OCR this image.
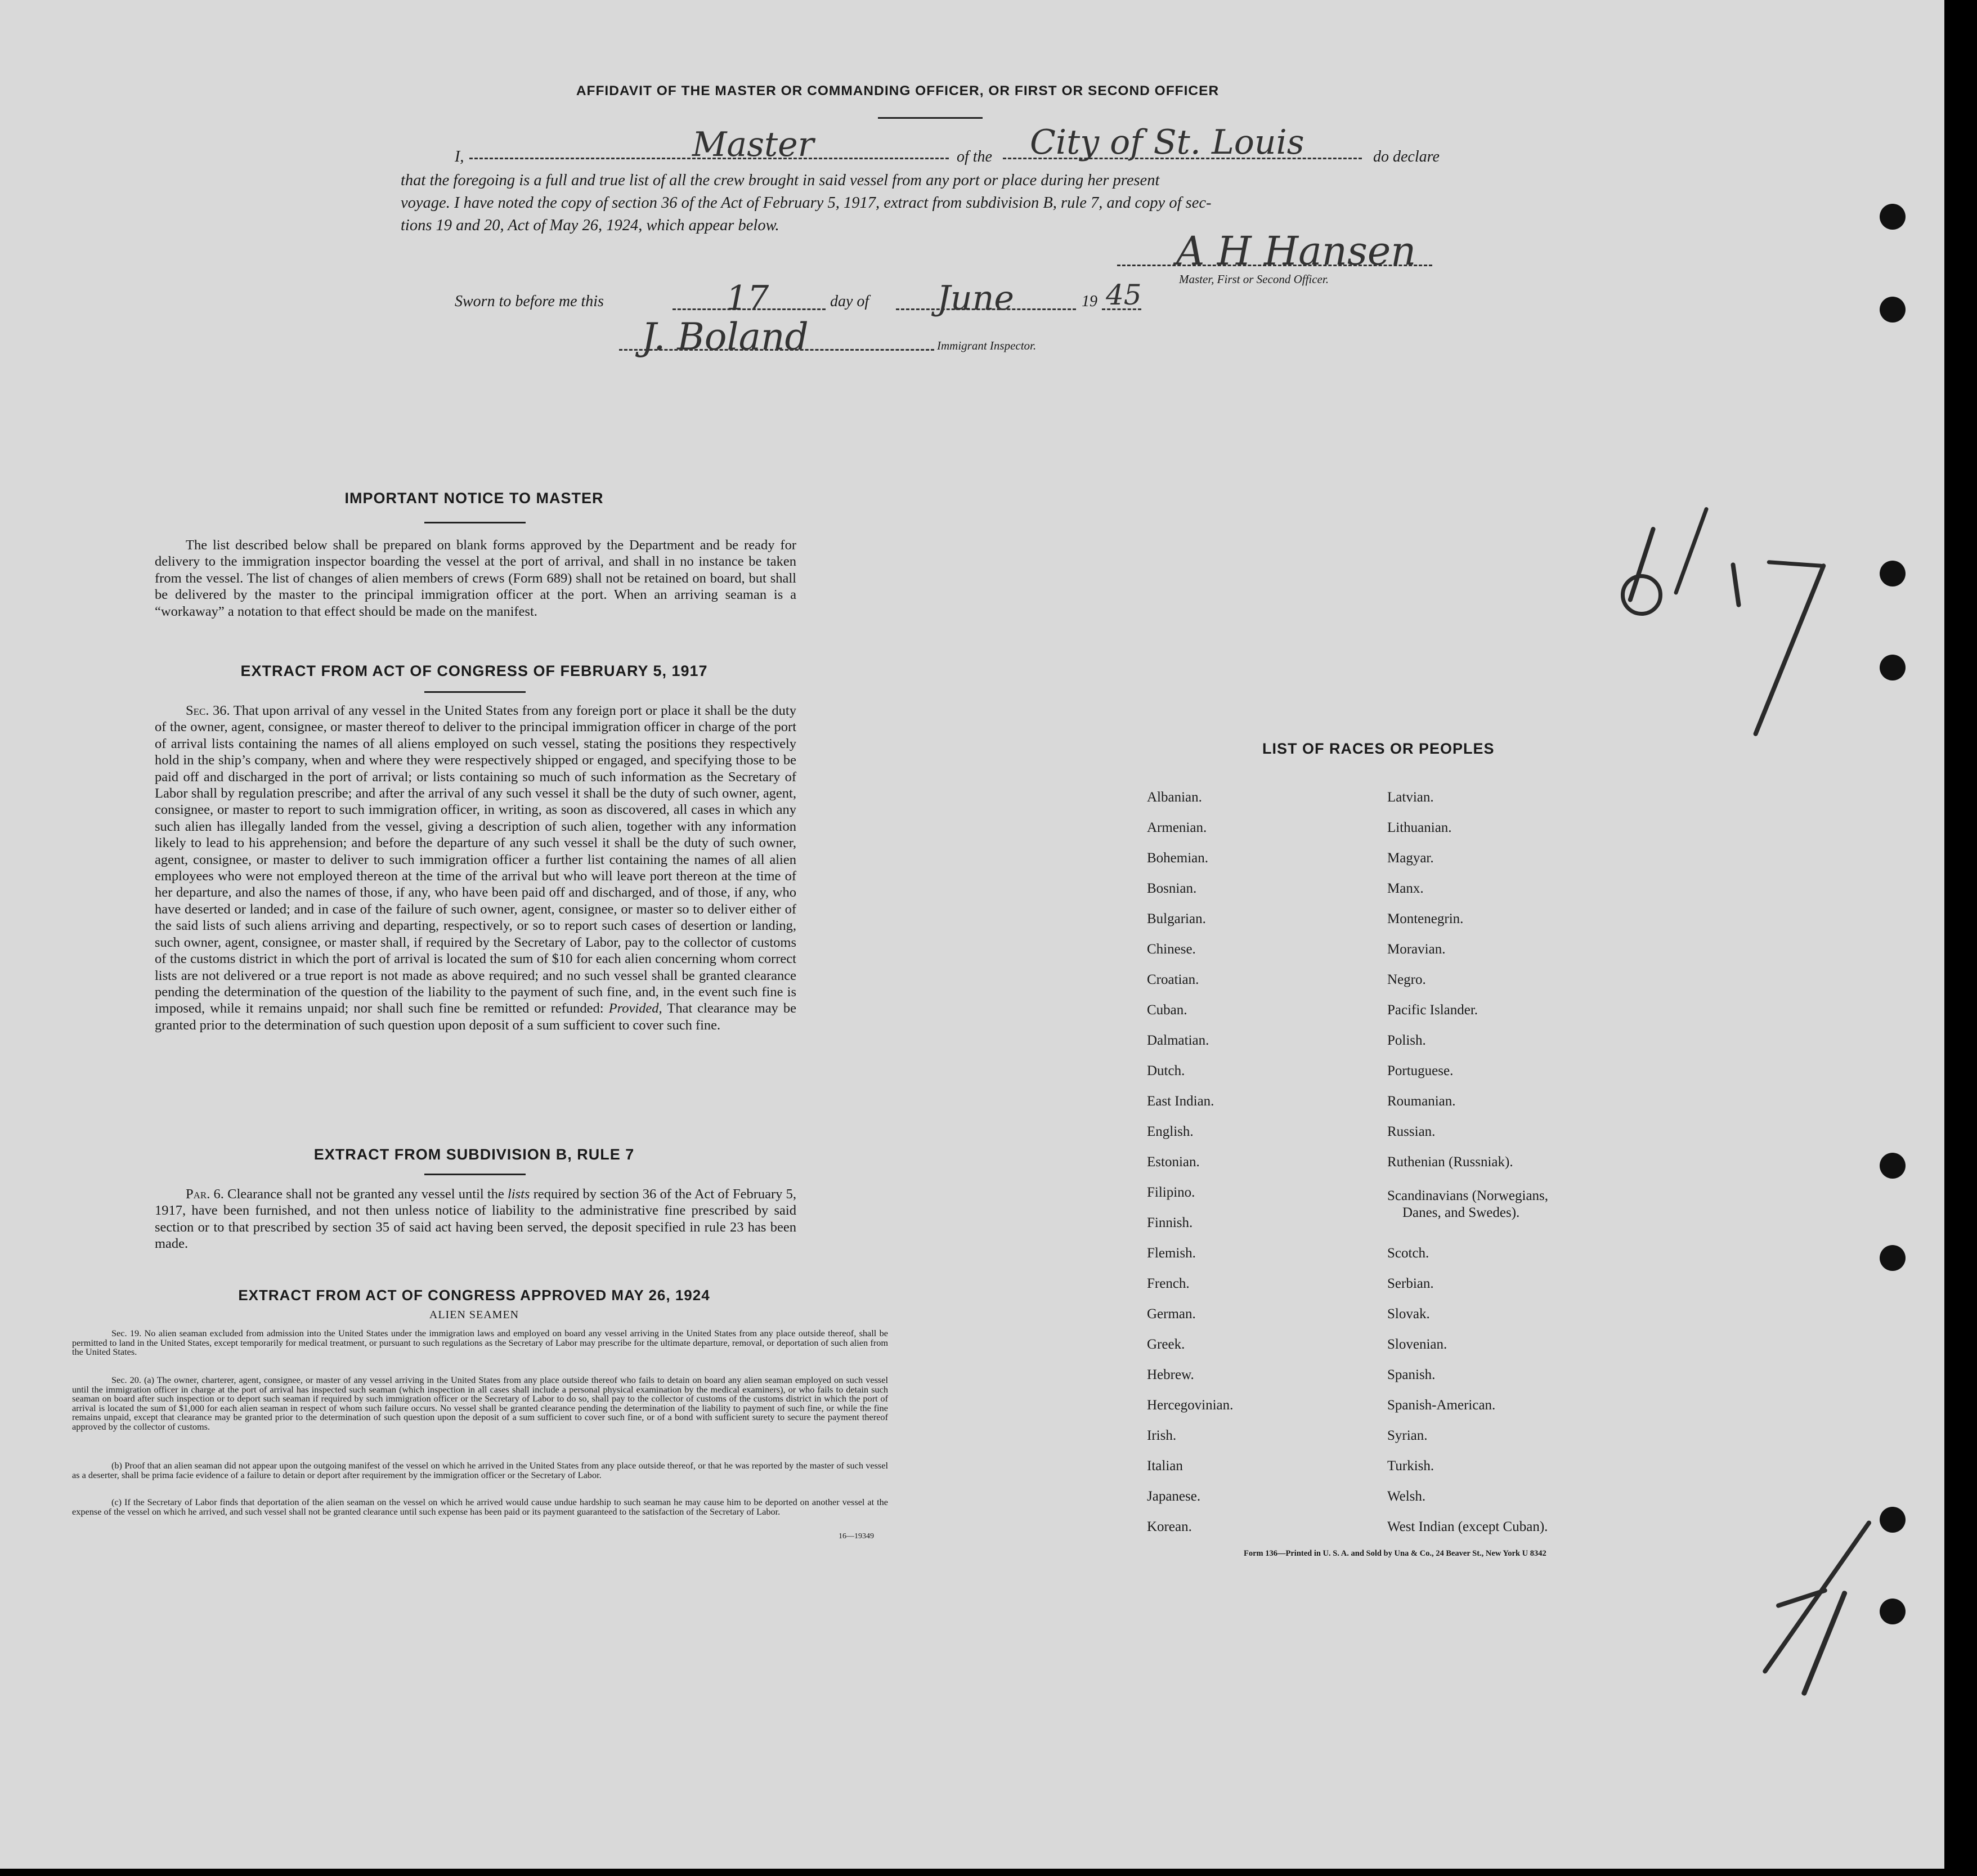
AFFIDAVIT OF THE MASTER OR COMMANDING OFFICER, OR FIRST OR SECOND OFFICER
I,	Master	of the City of St. Louis	do declare
that the foregoing is a full and true list of all the crew brought in said vessel from any port or place during her present
voyage. I have noted the copy of section 36 of the Act of February 5, 1917, extract from subdivision B, rule 7, and copy of sec-
tions 19 and 20, Act of May 26, 1924, which appear below.
A H Hansen
Master, First or Second Officer.
Sworn to before me this	17	day of June	19 45
J. Boland	Immigrant Inspector.
IMPORTANT NOTICE TO MASTER
The list described below shall be prepared on blank forms approved by the Department and be ready for delivery to the immigration inspector boarding the vessel at the port of arrival, and shall in no instance be taken from the vessel. The list of changes of alien members of crews (Form 689) shall not be retained on board, but shall be delivered by the master to the principal immigration officer at the port. When an arriving seaman is a “workaway” a notation to that effect should be made on the manifest.
EXTRACT FROM ACT OF CONGRESS OF FEBRUARY 5, 1917
Sec. 36. That upon arrival of any vessel in the United States from any foreign port or place it shall be the duty of the owner, agent, consignee, or master thereof to deliver to the principal immigration officer in charge of the port of arrival lists containing the names of all aliens employed on such vessel, stating the positions they respectively hold in the ship’s company, when and where they were respectively shipped or engaged, and specifying those to be paid off and discharged in the port of arrival; or lists containing so much of such information as the Secretary of Labor shall by regulation prescribe; and after the arrival of any such vessel it shall be the duty of such owner, agent, consignee, or master to report to such immigration officer, in writing, as soon as discovered, all cases in which any such alien has illegally landed from the vessel, giving a description of such alien, together with any information likely to lead to his apprehension; and before the departure of any such vessel it shall be the duty of such owner, agent, consignee, or master to deliver to such immigration officer a further list containing the names of all alien employees who were not employed thereon at the time of the arrival but who will leave port thereon at the time of her departure, and also the names of those, if any, who have been paid off and discharged, and of those, if any, who have deserted or landed; and in case of the failure of such owner, agent, consignee, or master so to deliver either of the said lists of such aliens arriving and departing, respectively, or so to report such cases of desertion or landing, such owner, agent, consignee, or master shall, if required by the Secretary of Labor, pay to the collector of customs of the customs district in which the port of arrival is located the sum of $10 for each alien concerning whom correct lists are not delivered or a true report is not made as above required; and no such vessel shall be granted clearance pending the determination of the question of the liability to the payment of such fine, and, in the event such fine is imposed, while it remains unpaid; nor shall such fine be remitted or refunded: Provided, That clearance may be granted prior to the determination of such question upon deposit of a sum sufficient to cover such fine.
EXTRACT FROM SUBDIVISION B, RULE 7
Par. 6. Clearance shall not be granted any vessel until the lists required by section 36 of the Act of February 5, 1917, have been furnished, and not then unless notice of liability to the administrative fine prescribed by said section or to that prescribed by section 35 of said act having been served, the deposit specified in rule 23 has been made.
EXTRACT FROM ACT OF CONGRESS APPROVED MAY 26, 1924
ALIEN SEAMEN
Sec. 19. No alien seaman excluded from admission into the United States under the immigration laws and employed on board any vessel arriving in the United States from any place outside thereof, shall be permitted to land in the United States, except temporarily for medical treatment, or pursuant to such regulations as the Secretary of Labor may prescribe for the ultimate departure, removal, or deportation of such alien from the United States.
Sec. 20. (a) The owner, charterer, agent, consignee, or master of any vessel arriving in the United States from any place outside thereof who fails to detain on board any alien seaman employed on such vessel until the immigration officer in charge at the port of arrival has inspected such seaman (which inspection in all cases shall include a personal physical examination by the medical examiners), or who fails to detain such seaman on board after such inspection or to deport such seaman if required by such immigration officer or the Secretary of Labor to do so, shall pay to the collector of customs of the customs district in which the port of arrival is located the sum of $1,000 for each alien seaman in respect of whom such failure occurs. No vessel shall be granted clearance pending the determination of the liability to payment of such fine, or while the fine remains unpaid, except that clearance may be granted prior to the determination of such question upon the deposit of a sum sufficient to cover such fine, or of a bond with sufficient surety to secure the payment thereof approved by the collector of customs.
(b) Proof that an alien seaman did not appear upon the outgoing manifest of the vessel on which he arrived in the United States from any place outside thereof, or that he was reported by the master of such vessel as a deserter, shall be prima facie evidence of a failure to detain or deport after requirement by the immigration officer or the Secretary of Labor.
(c) If the Secretary of Labor finds that deportation of the alien seaman on the vessel on which he arrived would cause undue hardship to such seaman he may cause him to be deported on another vessel at the expense of the vessel on which he arrived, and such vessel shall not be granted clearance until such expense has been paid or its payment guaranteed to the satisfaction of the Secretary of Labor.
16—19349
LIST OF RACES OR PEOPLES
Albanian.
Armenian.
Bohemian.
Bosnian.
Bulgarian.
Chinese.
Croatian.
Cuban.
Dalmatian.
Dutch.
East Indian.
English.
Estonian.
Filipino.
Finnish.
Flemish.
French.
German.
Greek.
Hebrew.
Hercegovinian.
Irish.
Italian
Japanese.
Korean.
Latvian.
Lithuanian.
Magyar.
Manx.
Montenegrin.
Moravian.
Negro.
Pacific Islander.
Polish.
Portuguese.
Roumanian.
Russian.
Ruthenian (Russniak).
Scandinavians (Norwegians,
Danes, and Swedes).
Scotch.
Serbian.
Slovak.
Slovenian.
Spanish.
Spanish-American.
Syrian.
Turkish.
Welsh.
West Indian (except Cuban).
Form 136—Printed in U. S. A. and Sold by Una & Co., 24 Beaver St., New York U 8342
